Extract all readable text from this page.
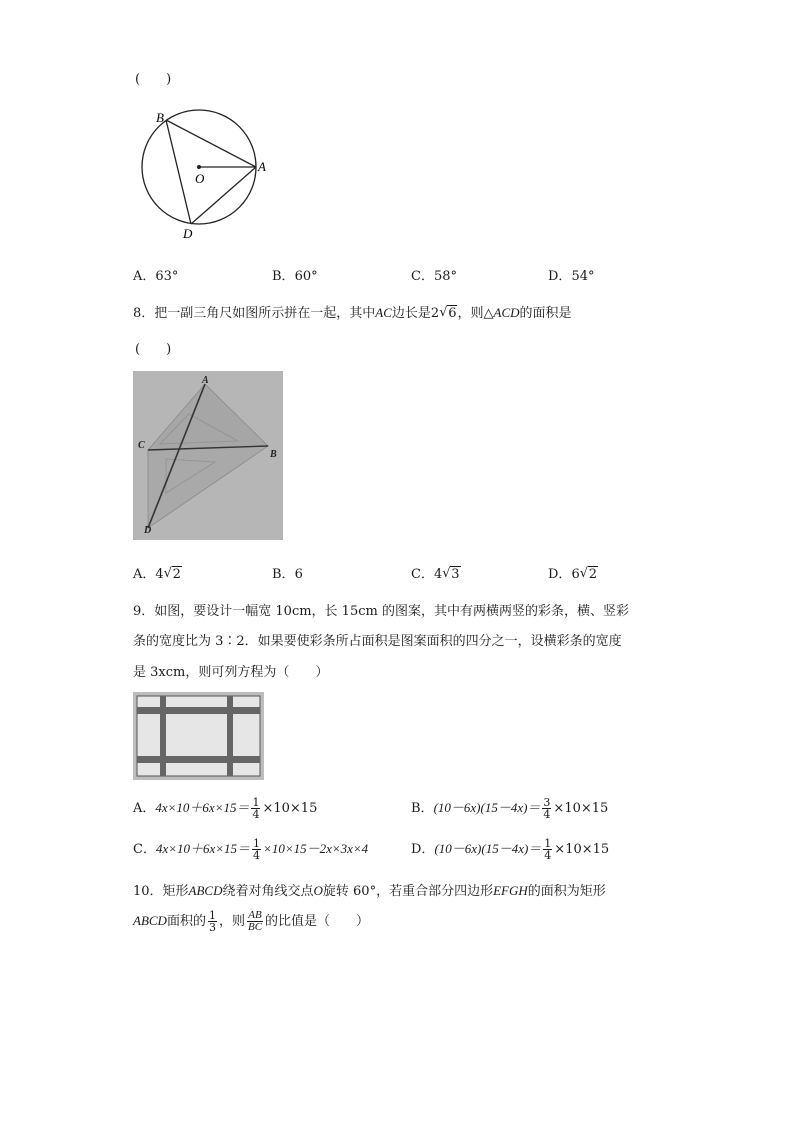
(　　)
B
A
O
D
A．63°	B．60°	C．58°	D．54°
8．把一副三角尺如图所示拼在一起，其中AC边长是2 √ 6，则△ACD的面积是
(　　)
A
C
B
D
A．4 √ 2	B．6	C．4 √ 3	D．6 √ 2
9．如图，要设计一幅宽 10cm，长 15cm 的图案，其中有两横两竖的彩条，横、竖彩
条的宽度比为 3∶2．如果要使彩条所占面积是图案面积的四分之一，设横彩条的宽度
是 3xcm，则可列方程为（　　）
A．$4x\times 10+6x\times 15= \frac{1}{4} \times 10\times 15$	B．$(10-6x)(15-4x)= \frac{3}{4} \times 10\times 15$
C．$4x\times 10+6x\times 15= \frac{1}{4} \times 10\times 15-2x\times 3x\times 4$	D．$(10-6x)(15-4x)= \frac{1}{4} \times 10\times 15$
10．矩形ABCD绕着对角线交点O旋转 60°，若重合部分四边形EFGH的面积为矩形
ABCD面积的 $\frac{1}{3}$ ，则 $\frac{AB}{BC}$ 的比值是（　　）
